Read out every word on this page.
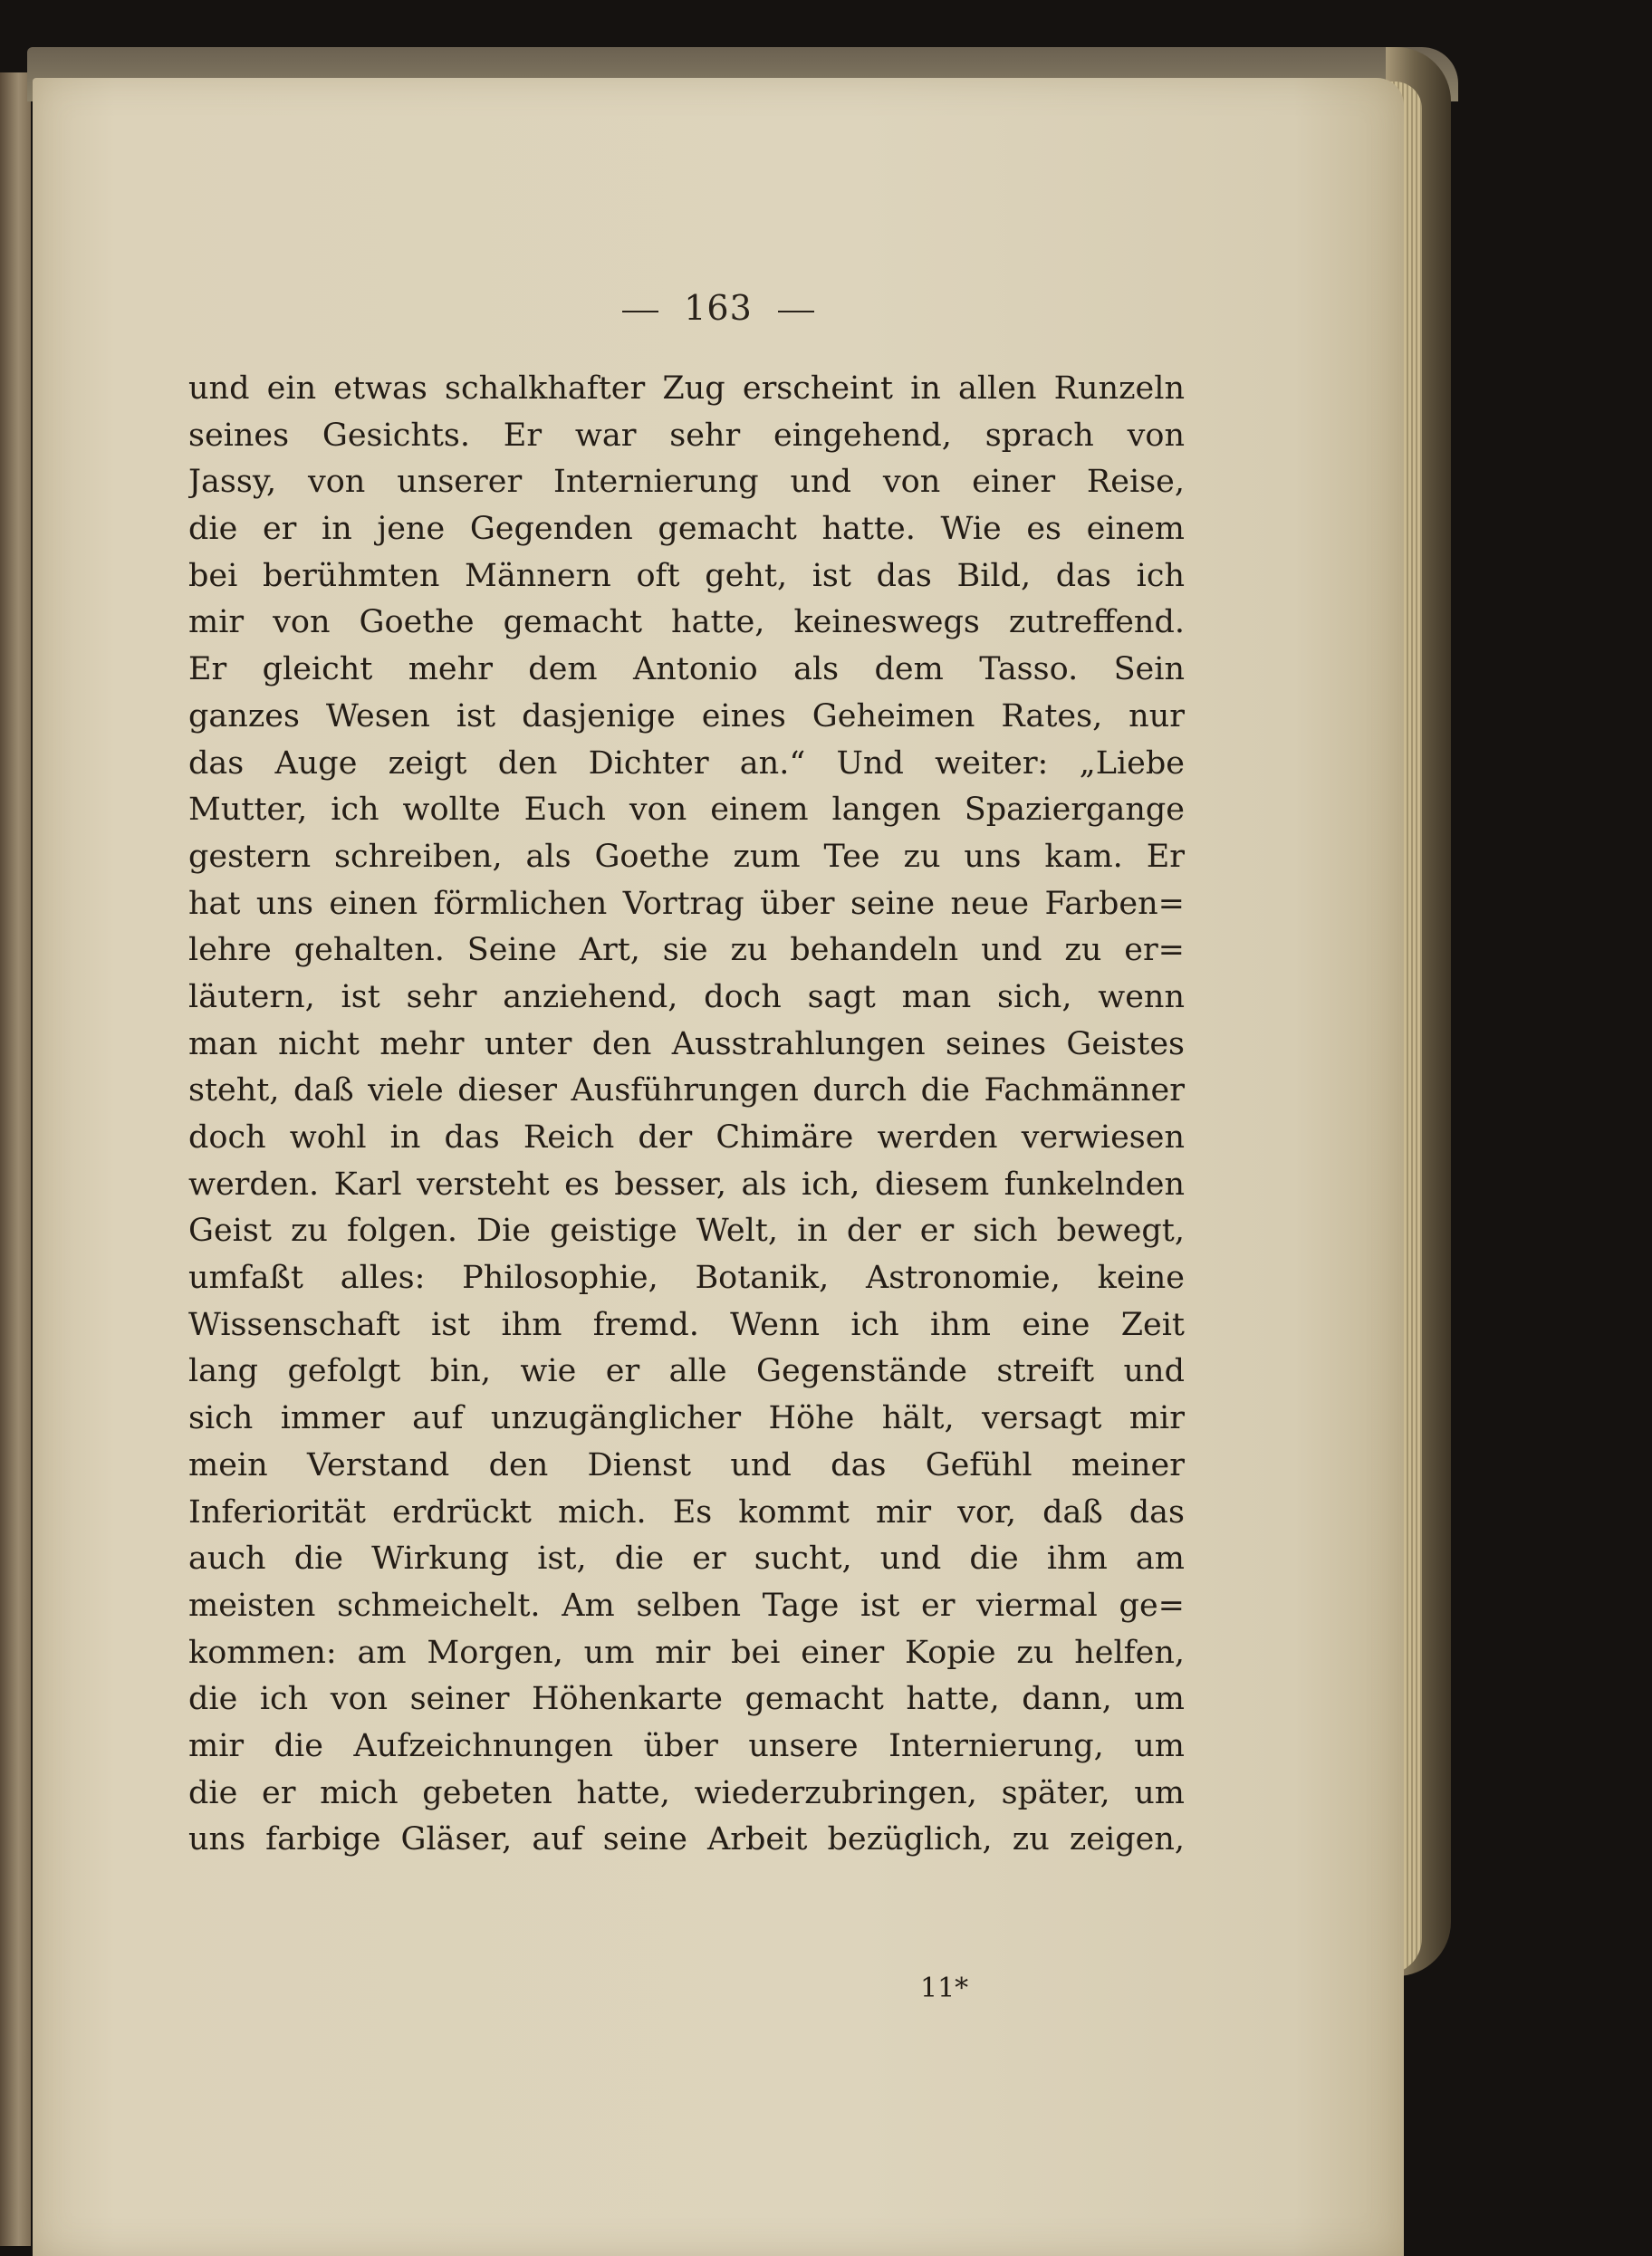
163
und ein etwas schalkhafter Zug erscheint in allen Runzeln
seines Gesichts. Er war sehr eingehend, sprach von
Jassy, von unserer Internierung und von einer Reise,
die er in jene Gegenden gemacht hatte. Wie es einem
bei berühmten Männern oft geht, ist das Bild, das ich
mir von Goethe gemacht hatte, keineswegs zutreffend.
Er gleicht mehr dem Antonio als dem Tasso. Sein
ganzes Wesen ist dasjenige eines Geheimen Rates, nur
das Auge zeigt den Dichter an.“ Und weiter: „Liebe
Mutter, ich wollte Euch von einem langen Spaziergange
gestern schreiben, als Goethe zum Tee zu uns kam. Er
hat uns einen förmlichen Vortrag über seine neue Farben=
lehre gehalten. Seine Art, sie zu behandeln und zu er=
läutern, ist sehr anziehend, doch sagt man sich, wenn
man nicht mehr unter den Ausstrahlungen seines Geistes
steht, daß viele dieser Ausführungen durch die Fachmänner
doch wohl in das Reich der Chimäre werden verwiesen
werden. Karl versteht es besser, als ich, diesem funkelnden
Geist zu folgen. Die geistige Welt, in der er sich bewegt,
umfaßt alles: Philosophie, Botanik, Astronomie, keine
Wissenschaft ist ihm fremd. Wenn ich ihm eine Zeit
lang gefolgt bin, wie er alle Gegenstände streift und
sich immer auf unzugänglicher Höhe hält, versagt mir
mein Verstand den Dienst und das Gefühl meiner
Inferiorität erdrückt mich. Es kommt mir vor, daß das
auch die Wirkung ist, die er sucht, und die ihm am
meisten schmeichelt. Am selben Tage ist er viermal ge=
kommen: am Morgen, um mir bei einer Kopie zu helfen,
die ich von seiner Höhenkarte gemacht hatte, dann, um
mir die Aufzeichnungen über unsere Internierung, um
die er mich gebeten hatte, wiederzubringen, später, um
uns farbige Gläser, auf seine Arbeit bezüglich, zu zeigen,
11*
